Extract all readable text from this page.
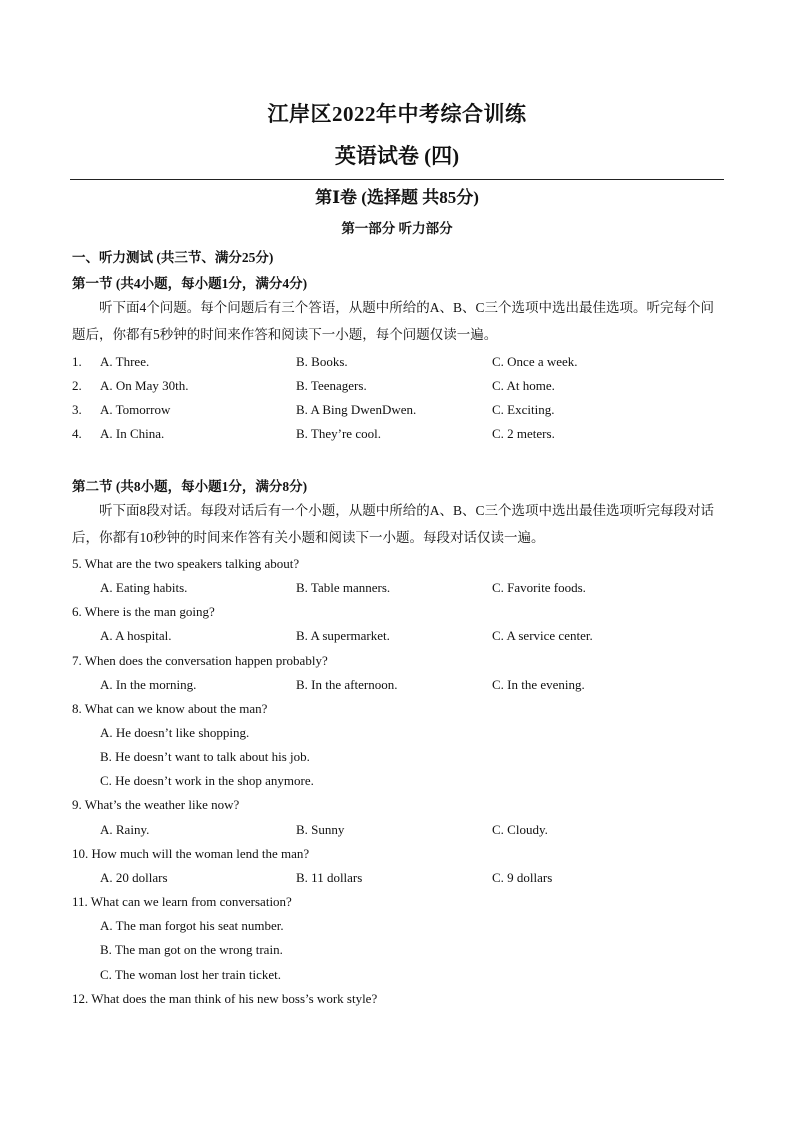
江岸区2022年中考综合训练
英语试卷 (四)
第Ⅰ卷 (选择题 共85分)
第一部分 听力部分
一、听力测试 (共三节、满分25分)
第一节 (共4小题，每小题1分，满分4分)
听下面4个问题。每个问题后有三个答语，从题中所给的A、B、C三个选项中选出最佳选项。听完每个问题后，你都有5秒钟的时间来作答和阅读下一小题，每个问题仅读一遍。
1. A. Three.	B. Books.	C. Once a week.
2. A. On May 30th.	B. Teenagers.	C. At home.
3. A. Tomorrow	B. A Bing DwenDwen.	C. Exciting.
4. A. In China.	B. They’re cool.	C. 2 meters.
第二节 (共8小题，每小题1分，满分8分)
听下面8段对话。每段对话后有一个小题，从题中所给的A、B、C三个选项中选出最佳选项听完每段对话后，你都有10秒钟的时间来作答有关小题和阅读下一小题。每段对话仅读一遍。
5. What are the two speakers talking about?
A. Eating habits.	B. Table manners.	C. Favorite foods.
6. Where is the man going?
A. A hospital.	B. A supermarket.	C. A service center.
7. When does the conversation happen probably?
A. In the morning.	B. In the afternoon.	C. In the evening.
8. What can we know about the man?
A. He doesn’t like shopping.
B. He doesn’t want to talk about his job.
C. He doesn’t work in the shop anymore.
9. What’s the weather like now?
A. Rainy.	B. Sunny	C. Cloudy.
10. How much will the woman lend the man?
A. 20 dollars	B. 11 dollars	C. 9 dollars
11. What can we learn from conversation?
A. The man forgot his seat number.
B. The man got on the wrong train.
C. The woman lost her train ticket.
12. What does the man think of his new boss’s work style?
